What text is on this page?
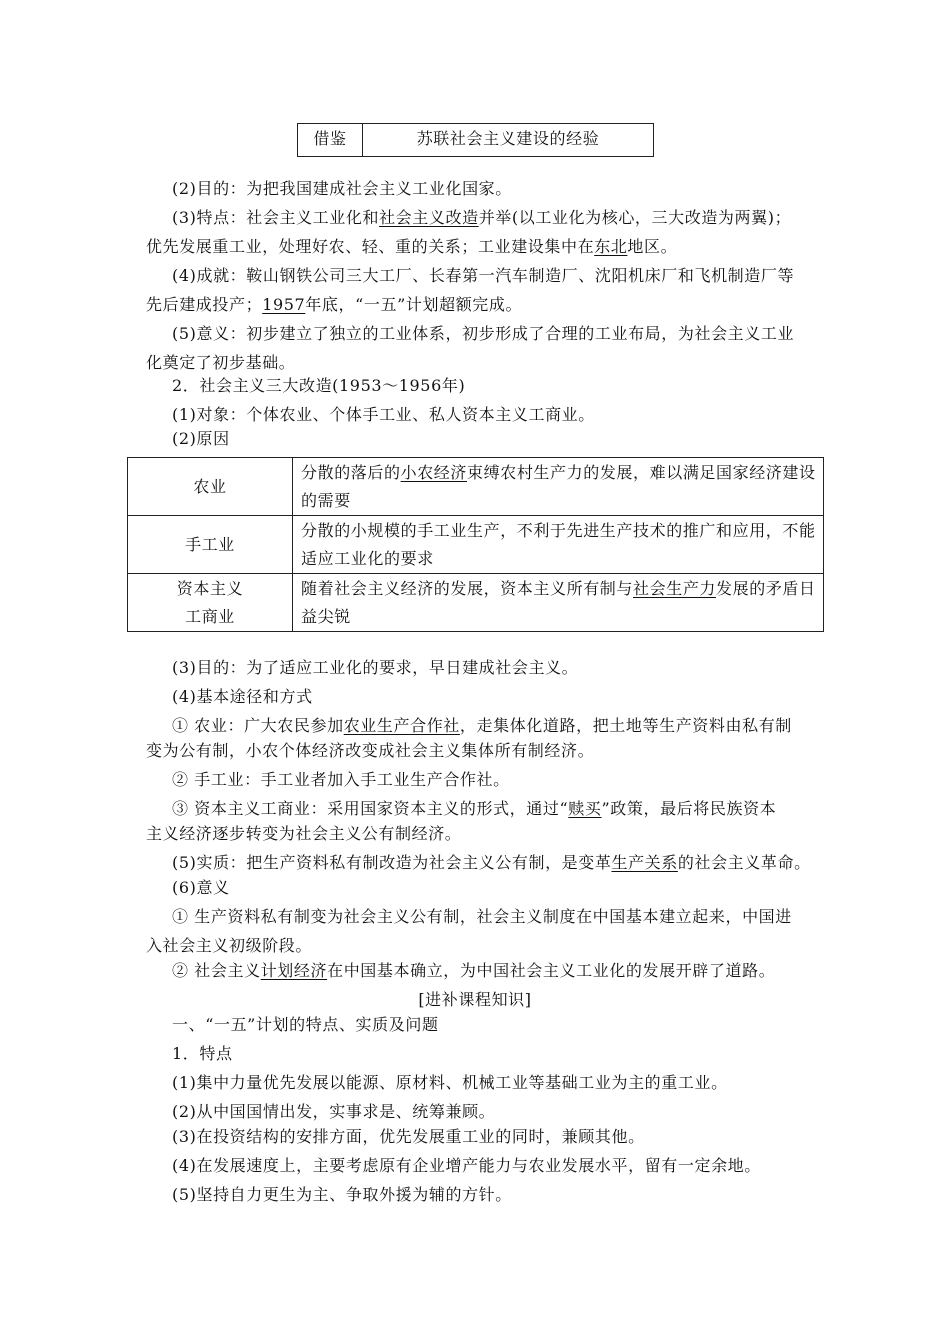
借鉴	苏联社会主义建设的经验
(2)目的：为把我国建成社会主义工业化国家。
(3)特点：社会主义工业化和社会主义改造并举(以工业化为核心，三大改造为两翼)；
优先发展重工业，处理好农、轻、重的关系；工业建设集中在东北地区。
(4)成就：鞍山钢铁公司三大工厂、长春第一汽车制造厂、沈阳机床厂和飞机制造厂等
先后建成投产；1957年底，“一五”计划超额完成。
(5)意义：初步建立了独立的工业体系，初步形成了合理的工业布局，为社会主义工业
化奠定了初步基础。
2．社会主义三大改造(1953～1956年)
(1)对象：个体农业、个体手工业、私人资本主义工商业。
(2)原因
农业	分散的落后的小农经济束缚农村生产力的发展，难以满足国家经济建设的需要
手工业	分散的小规模的手工业生产，不利于先进生产技术的推广和应用，不能适应工业化的要求
资本主义
工商业	随着社会主义经济的发展，资本主义所有制与社会生产力发展的矛盾日益尖锐
(3)目的：为了适应工业化的要求，早日建成社会主义。
(4)基本途径和方式
① 农业：广大农民参加农业生产合作社，走集体化道路，把土地等生产资料由私有制
变为公有制，小农个体经济改变成社会主义集体所有制经济。
② 手工业：手工业者加入手工业生产合作社。
③ 资本主义工商业：采用国家资本主义的形式，通过“赎买”政策，最后将民族资本
主义经济逐步转变为社会主义公有制经济。
(5)实质：把生产资料私有制改造为社会主义公有制，是变革生产关系的社会主义革命。
(6)意义
① 生产资料私有制变为社会主义公有制，社会主义制度在中国基本建立起来，中国进
入社会主义初级阶段。
② 社会主义计划经济在中国基本确立，为中国社会主义工业化的发展开辟了道路。
[进补课程知识]
一、“一五”计划的特点、实质及问题
1．特点
(1)集中力量优先发展以能源、原材料、机械工业等基础工业为主的重工业。
(2)从中国国情出发，实事求是、统筹兼顾。
(3)在投资结构的安排方面，优先发展重工业的同时，兼顾其他。
(4)在发展速度上，主要考虑原有企业增产能力与农业发展水平，留有一定余地。
(5)坚持自力更生为主、争取外援为辅的方针。
